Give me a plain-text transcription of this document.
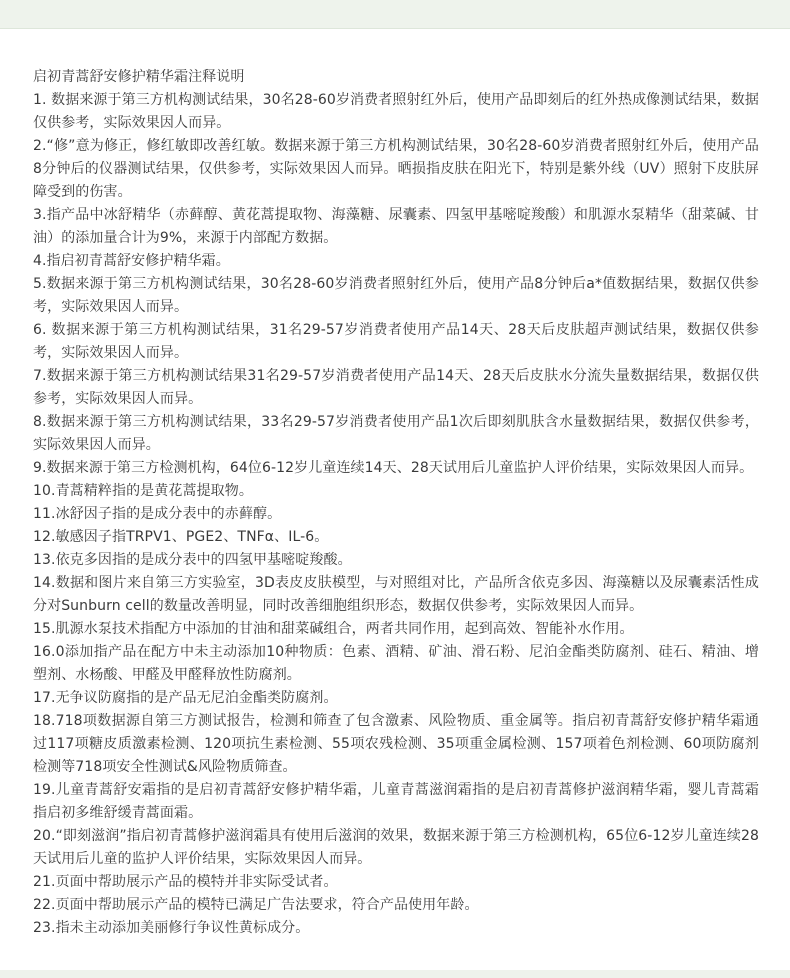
启初青蒿舒安修护精华霜注释说明
1. 数据来源于第三方机构测试结果，30名28-60岁消费者照射红外后，使用产品即刻后的红外热成像测试结果，数据仅供参考，实际效果因人而异。
2.“修”意为修正，修红敏即改善红敏。数据来源于第三方机构测试结果，30名28-60岁消费者照射红外后，使用产品8分钟后的仪器测试结果，仅供参考，实际效果因人而异。晒损指皮肤在阳光下，特别是紫外线（UV）照射下皮肤屏障受到的伤害。
3.指产品中冰舒精华（赤藓醇、黄花蒿提取物、海藻糖、尿囊素、四氢甲基嘧啶羧酸）和肌源水泵精华（甜菜碱、甘油）的添加量合计为9%，来源于内部配方数据。
4.指启初青蒿舒安修护精华霜。
5.数据来源于第三方机构测试结果，30名28-60岁消费者照射红外后，使用产品8分钟后a*值数据结果，数据仅供参考，实际效果因人而异。
6. 数据来源于第三方机构测试结果，31名29-57岁消费者使用产品14天、28天后皮肤超声测试结果，数据仅供参考，实际效果因人而异。
7.数据来源于第三方机构测试结果31名29-57岁消费者使用产品14天、28天后皮肤水分流失量数据结果，数据仅供参考，实际效果因人而异。
8.数据来源于第三方机构测试结果，33名29-57岁消费者使用产品1次后即刻肌肤含水量数据结果，数据仅供参考，实际效果因人而异。
9.数据来源于第三方检测机构，64位6-12岁儿童连续14天、28天试用后儿童监护人评价结果，实际效果因人而异。
10.青蒿精粹指的是黄花蒿提取物。
11.冰舒因子指的是成分表中的赤藓醇。
12.敏感因子指TRPV1、PGE2、TNFα、IL-6。
13.依克多因指的是成分表中的四氢甲基嘧啶羧酸。
14.数据和图片来自第三方实验室，3D表皮皮肤模型，与对照组对比，产品所含依克多因、海藻糖以及尿囊素活性成分对Sunburn cell的数量改善明显，同时改善细胞组织形态，数据仅供参考，实际效果因人而异。
15.肌源水泵技术指配方中添加的甘油和甜菜碱组合，两者共同作用，起到高效、智能补水作用。
16.0添加指产品在配方中未主动添加10种物质：色素、酒精、矿油、滑石粉、尼泊金酯类防腐剂、硅石、精油、增塑剂、水杨酸、甲醛及甲醛释放性防腐剂。
17.无争议防腐指的是产品无尼泊金酯类防腐剂。
18.718项数据源自第三方测试报告，检测和筛查了包含激素、风险物质、重金属等。指启初青蒿舒安修护精华霜通过117项糖皮质激素检测、120项抗生素检测、55项农残检测、35项重金属检测、157项着色剂检测、60项防腐剂检测等718项安全性测试&风险物质筛查。
19.儿童青蒿舒安霜指的是启初青蒿舒安修护精华霜，儿童青蒿滋润霜指的是启初青蒿修护滋润精华霜，婴儿青蒿霜指启初多维舒缓青蒿面霜。
20.“即刻滋润”指启初青蒿修护滋润霜具有使用后滋润的效果，数据来源于第三方检测机构，65位6-12岁儿童连续28天试用后儿童的监护人评价结果，实际效果因人而异。
21.页面中帮助展示产品的模特并非实际受试者。
22.页面中帮助展示产品的模特已满足广告法要求，符合产品使用年龄。
23.指未主动添加美丽修行争议性黄标成分。
